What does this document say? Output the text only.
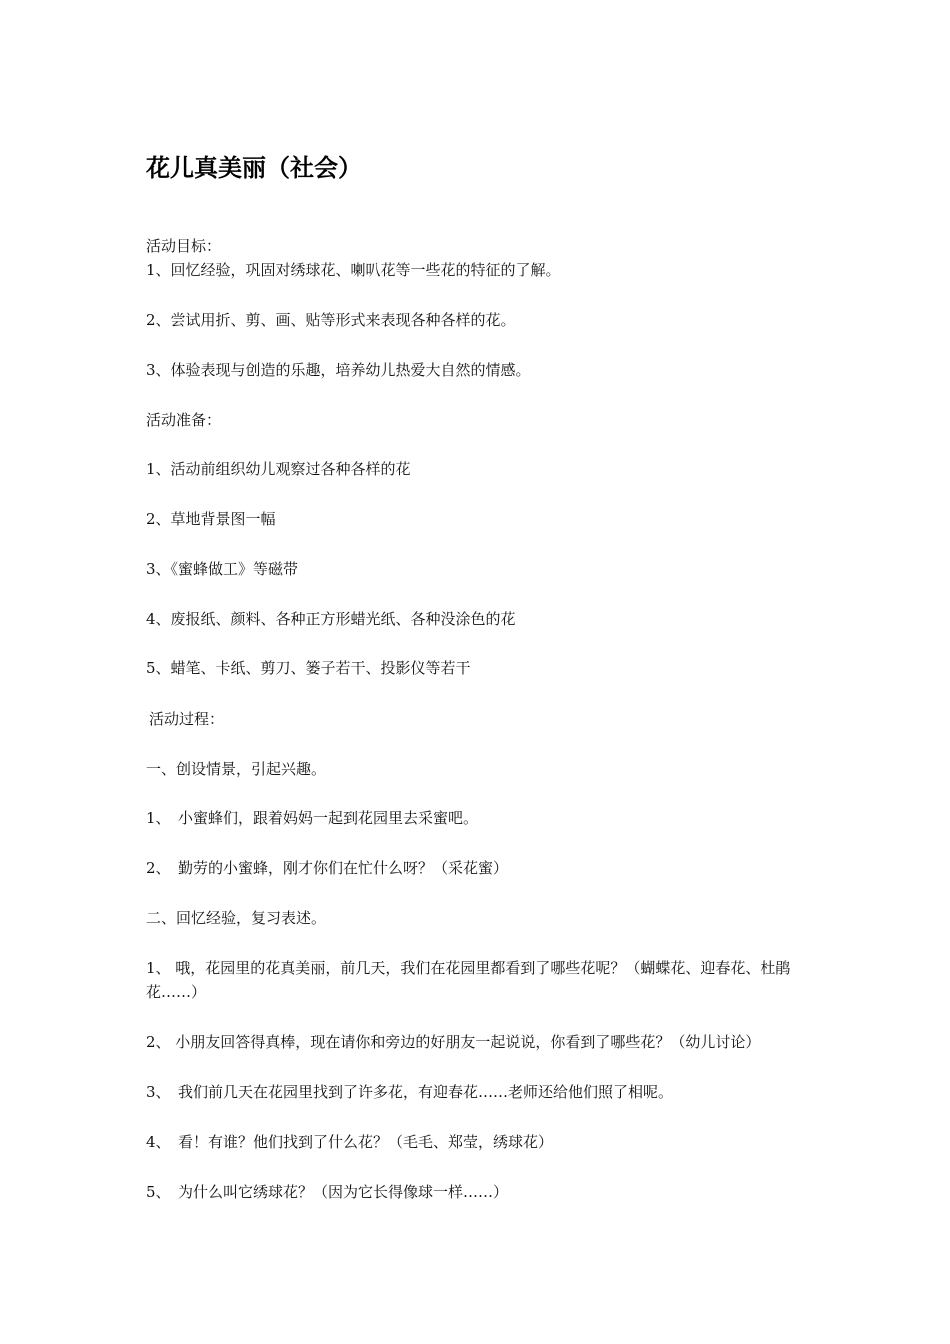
花儿真美丽（社会）

活动目标：

1、回忆经验，巩固对绣球花、喇叭花等一些花的特征的了解。

2、尝试用折、剪、画、贴等形式来表现各种各样的花。

3、体验表现与创造的乐趣，培养幼儿热爱大自然的情感。

活动准备：

1、活动前组织幼儿观察过各种各样的花

2、草地背景图一幅

3、《蜜蜂做工》等磁带

4、废报纸、颜料、各种正方形蜡光纸、各种没涂色的花

5、蜡笔、卡纸、剪刀、篓子若干、投影仪等若干

活动过程：

一、创设情景，引起兴趣。

1、　小蜜蜂们，跟着妈妈一起到花园里去采蜜吧。

2、　勤劳的小蜜蜂，刚才你们在忙什么呀？（采花蜜）

二、回忆经验，复习表述。

1、 哦，花园里的花真美丽，前几天，我们在花园里都看到了哪些花呢？（蝴蝶花、迎春花、杜鹃花……）

2、 小朋友回答得真棒，现在请你和旁边的好朋友一起说说，你看到了哪些花？（幼儿讨论）

3、　我们前几天在花园里找到了许多花，有迎春花……老师还给他们照了相呢。

4、　看！有谁？他们找到了什么花？（毛毛、郑莹，绣球花）

5、　为什么叫它绣球花？（因为它长得像球一样……）
